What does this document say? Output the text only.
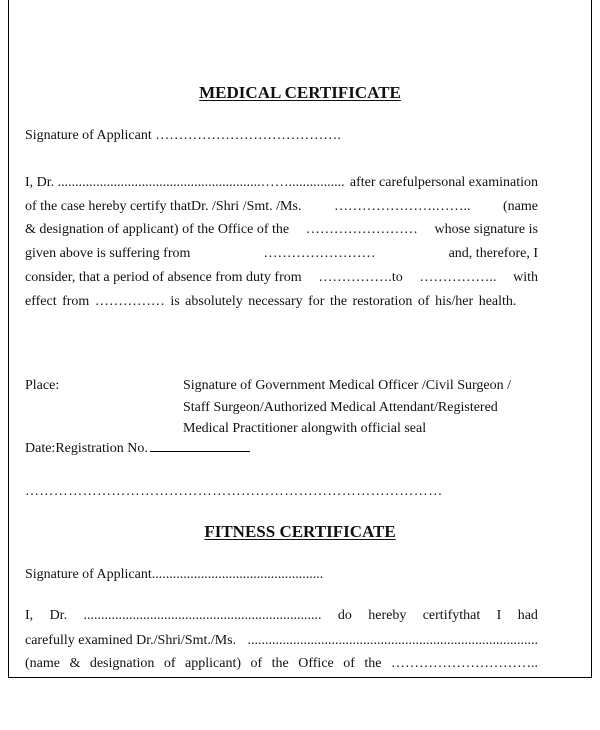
MEDICAL CERTIFICATE
Signature of Applicant ………………………………….
I, Dr. ..........................................................……................ after carefulpersonal examination
of the case hereby certify thatDr. /Shri /Smt. /Ms. ………………….…….. (name
& designation of applicant) of the Office of the …………………… whose signature is
given above is suffering from	……………………	and, therefore, I
consider, that a period of absence from duty from …………….to …………….. with
effect from …………… is absolutely necessary for the restoration of his/her health.
Place:	Signature of Government Medical Officer /Civil Surgeon /
Staff Surgeon/Authorized Medical Attendant/Registered
Medical Practitioner alongwith official seal
Date:Registration No.
……………………………………………………………………………
FITNESS CERTIFICATE
Signature of Applicant.................................................
I, Dr. .................................................................... do hereby certifythat I had
carefully examined Dr./Shri/Smt./Ms. ...................................................................................
(name & designation of applicant) of the Office of the …………………………..
